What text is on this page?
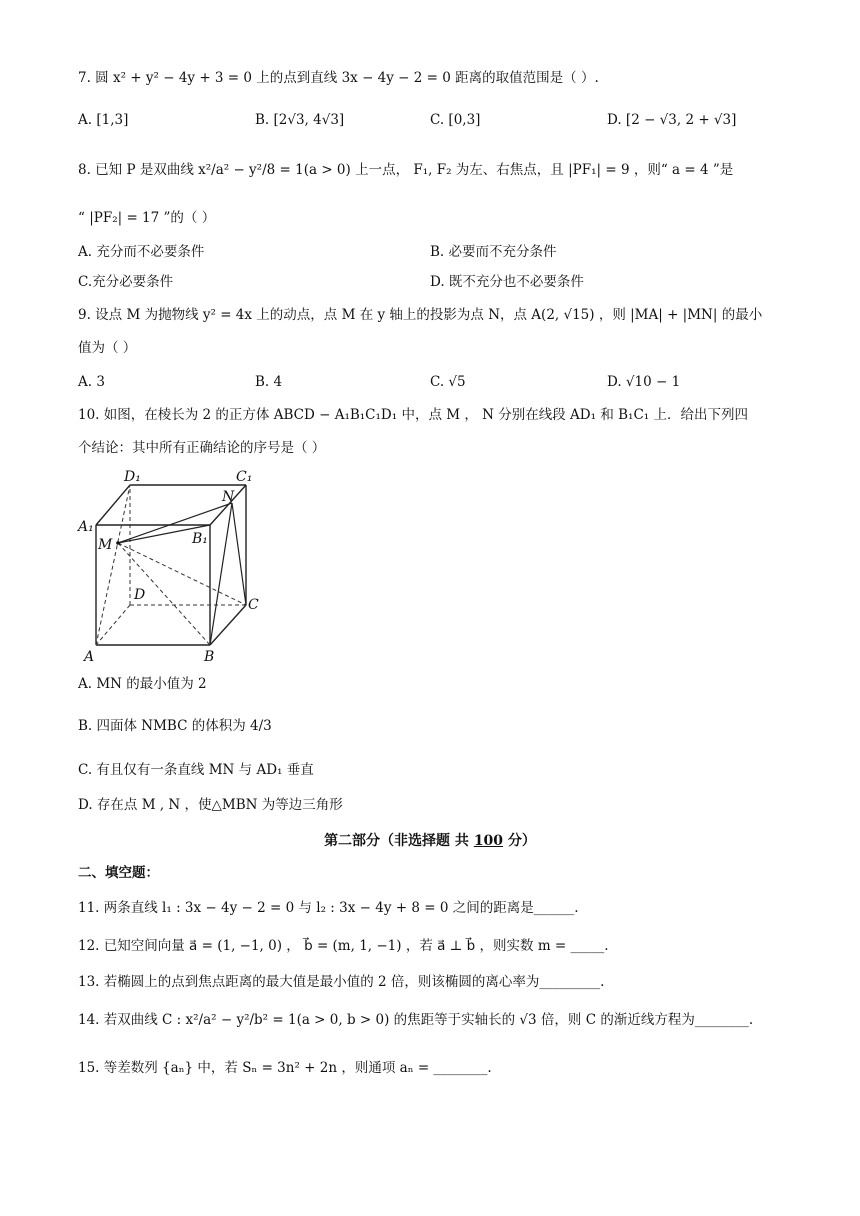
7. 圆 x² + y² − 4y + 3 = 0 上的点到直线 3x − 4y − 2 = 0 距离的取值范围是（ ）.
A. [1,3]	B. [2√3, 4√3]	C. [0,3]	D. [2 − √3, 2 + √3]
8. 已知 P 是双曲线 x²/a² − y²/8 = 1(a > 0) 上一点， F₁, F₂ 为左、右焦点，且 |PF₁| = 9 ，则“ a = 4 ”是
“ |PF₂| = 17 ”的（ ）
A. 充分而不必要条件	B. 必要而不充分条件
C.充分必要条件	D. 既不充分也不必要条件
9. 设点 M 为抛物线 y² = 4x 上的动点，点 M 在 y 轴上的投影为点 N，点 A(2, √15) ，则 |MA| + |MN| 的最小
值为（ ）
A. 3	B. 4	C. √5	D. √10 − 1
10. 如图，在棱长为 2 的正方体 ABCD − A₁B₁C₁D₁ 中，点 M ， N 分别在线段 AD₁ 和 B₁C₁ 上．给出下列四
个结论：其中所有正确结论的序号是（ ）
D₁	C₁
N
A₁
M	B₁
D
C
A	B
A. MN 的最小值为 2
B. 四面体 NMBC 的体积为 4/3
C. 有且仅有一条直线 MN 与 AD₁ 垂直
D. 存在点 M , N ，使△MBN 为等边三角形
第二部分（非选择题 共 100 分）
二、填空题：
11. 两条直线 l₁ : 3x − 4y − 2 = 0 与 l₂ : 3x − 4y + 8 = 0 之间的距离是______.
12. 已知空间向量 a⃗ = (1, −1, 0) ， b⃗ = (m, 1, −1) ，若 a⃗ ⊥ b⃗ ，则实数 m = _____.
13. 若椭圆上的点到焦点距离的最大值是最小值的 2 倍，则该椭圆的离心率为_________.
14. 若双曲线 C : x²/a² − y²/b² = 1(a > 0, b > 0) 的焦距等于实轴长的 √3 倍，则 C 的渐近线方程为________.
15. 等差数列 {aₙ} 中，若 Sₙ = 3n² + 2n ，则通项 aₙ = ________.
